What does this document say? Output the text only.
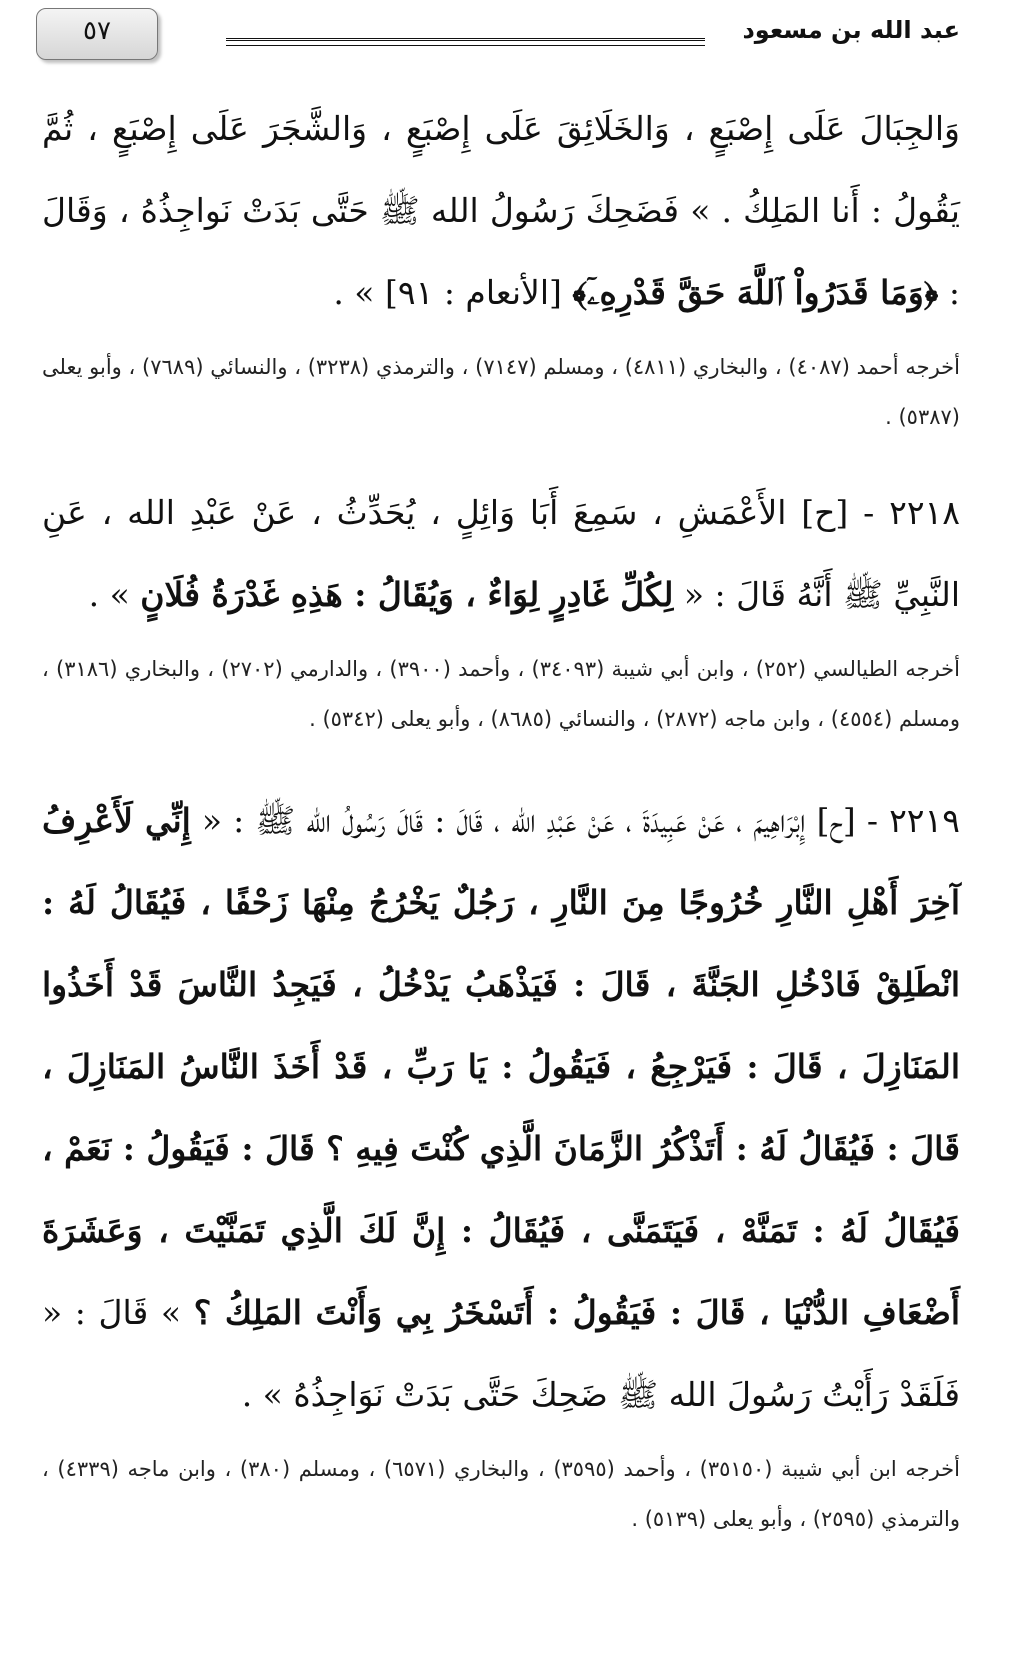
عبد الله بن مسعود
٥٧

وَالجِبَالَ عَلَى إِصْبَعٍ ، وَالخَلَائِقَ عَلَى إِصْبَعٍ ، وَالشَّجَرَ عَلَى إِصْبَعٍ ، ثُمَّ يَقُولُ : أَنا المَلِكُ . » فَضَحِكَ رَسُولُ الله ﷺ حَتَّى بَدَتْ نَواجِذُهُ ، وَقَالَ : ﴿وَمَا قَدَرُواْ ٱللَّهَ حَقَّ قَدْرِهِۦٓ﴾ [الأنعام : ٩١] » .

أخرجه أحمد (٤٠٨٧) ، والبخاري (٤٨١١) ، ومسلم (٧١٤٧) ، والترمذي (٣٢٣٨) ، والنسائي (٧٦٨٩) ، وأبو يعلى (٥٣٨٧) .

٢٢١٨ - [ح] الأَعْمَشِ ، سَمِعَ أَبَا وَائِلٍ ، يُحَدِّثُ ، عَنْ عَبْدِ الله ، عَنِ النَّبِيِّ ﷺ أَنَّهُ قَالَ : « لِكُلِّ غَادِرٍ لِوَاءٌ ، وَيُقَالُ : هَذِهِ غَدْرَةُ فُلَانٍ » .

أخرجه الطيالسي (٢٥٢) ، وابن أبي شيبة (٣٤٠٩٣) ، وأحمد (٣٩٠٠) ، والدارمي (٢٧٠٢) ، والبخاري (٣١٨٦) ، ومسلم (٤٥٥٤) ، وابن ماجه (٢٨٧٢) ، والنسائي (٨٦٨٥) ، وأبو يعلى (٥٣٤٢) .

٢٢١٩ - [ح] إِبْرَاهِيمَ ، عَنْ عَبِيدَةَ ، عَنْ عَبْدِ الله ، قَالَ : قَالَ رَسُولُ الله ﷺ : « إِنِّي لَأَعْرِفُ آخِرَ أَهْلِ النَّارِ خُرُوجًا مِنَ النَّارِ ، رَجُلٌ يَخْرُجُ مِنْهَا زَحْفًا ، فَيُقَالُ لَهُ : انْطَلِقْ فَادْخُلِ الجَنَّةَ ، قَالَ : فَيَذْهَبُ يَدْخُلُ ، فَيَجِدُ النَّاسَ قَدْ أَخَذُوا المَنَازِلَ ، قَالَ : فَيَرْجِعُ ، فَيَقُولُ : يَا رَبِّ ، قَدْ أَخَذَ النَّاسُ المَنَازِلَ ، قَالَ : فَيُقَالُ لَهُ : أَتَذْكُرُ الزَّمَانَ الَّذِي كُنْتَ فِيهِ ؟ قَالَ : فَيَقُولُ : نَعَمْ ، فَيُقَالُ لَهُ : تَمَنَّهْ ، فَيَتَمَنَّى ، فَيُقَالُ : إِنَّ لَكَ الَّذِي تَمَنَّيْتَ ، وَعَشَرَةَ أَضْعَافِ الدُّنْيَا ، قَالَ : فَيَقُولُ : أَتَسْخَرُ بِي وَأَنْتَ المَلِكُ ؟ » قَالَ : « فَلَقَدْ رَأَيْتُ رَسُولَ الله ﷺ ضَحِكَ حَتَّى بَدَتْ نَوَاجِذُهُ » .

أخرجه ابن أبي شيبة (٣٥١٥٠) ، وأحمد (٣٥٩٥) ، والبخاري (٦٥٧١) ، ومسلم (٣٨٠) ، وابن ماجه (٤٣٣٩) ، والترمذي (٢٥٩٥) ، وأبو يعلى (٥١٣٩) .
